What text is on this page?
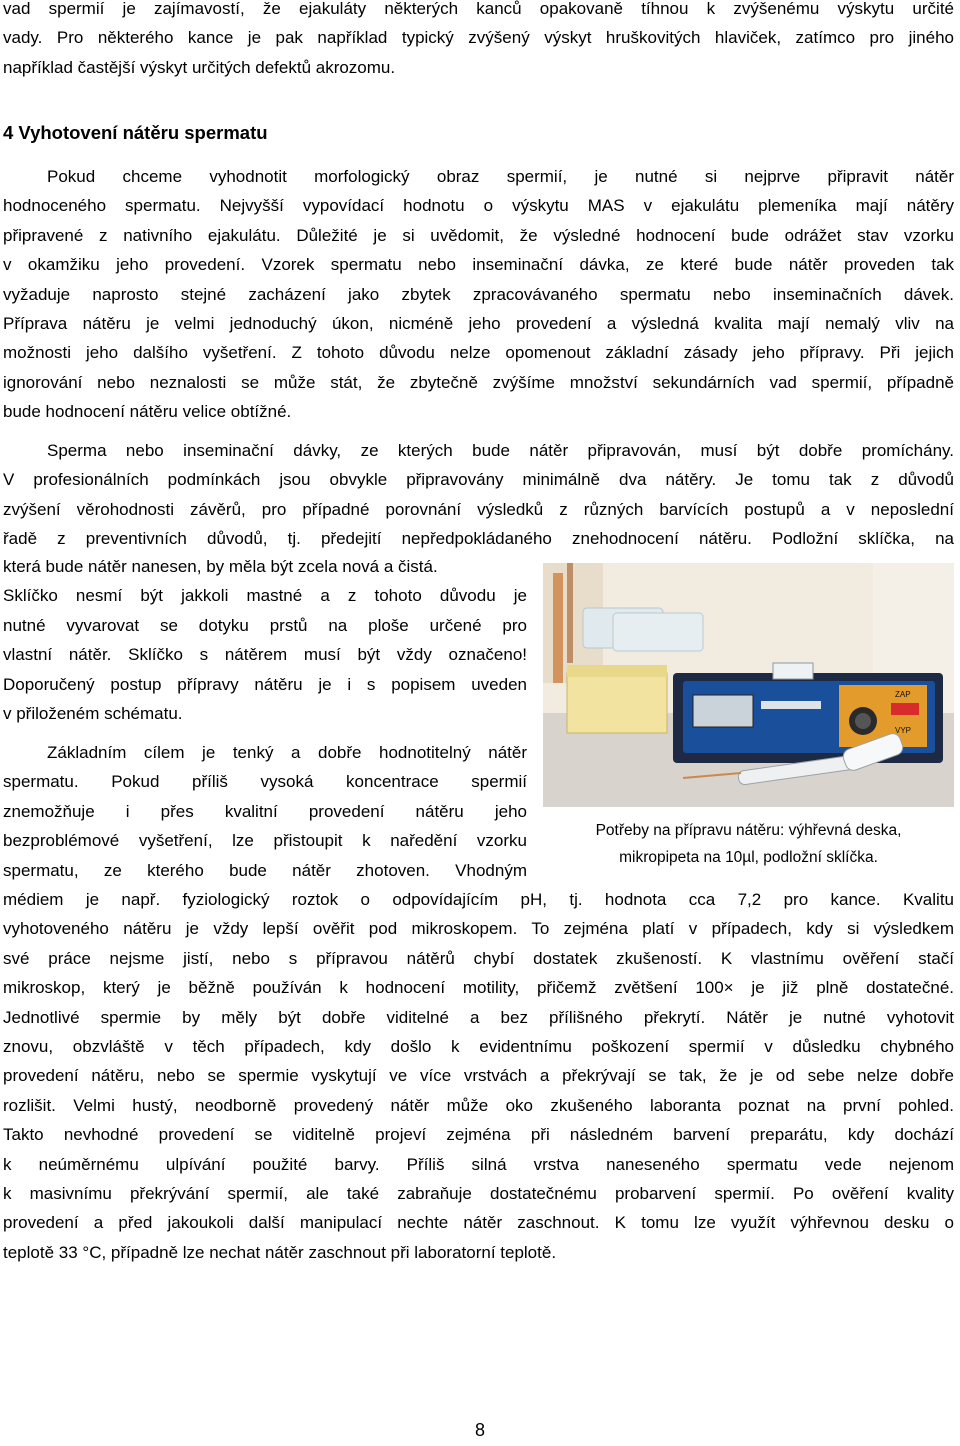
vad spermií je zajímavostí, že ejakuláty některých kanců opakovaně tíhnou k zvýšenému výskytu určité
vady. Pro některého kance je pak například typický zvýšený výskyt hruškovitých hlaviček, zatímco pro jiného
například častější výskyt určitých defektů akrozomu.
4 Vyhotovení nátěru spermatu
Pokud chceme vyhodnotit morfologický obraz spermií, je nutné si nejprve připravit nátěr
hodnoceného spermatu. Nejvyšší vypovídací hodnotu o výskytu MAS v ejakulátu plemeníka mají nátěry
připravené z nativního ejakulátu. Důležité je si uvědomit, že výsledné hodnocení bude odrážet stav vzorku
v okamžiku jeho provedení. Vzorek spermatu nebo inseminační dávka, ze které bude nátěr proveden tak
vyžaduje naprosto stejné zacházení jako zbytek zpracovávaného spermatu nebo inseminačních dávek.
Příprava nátěru je velmi jednoduchý úkon, nicméně jeho provedení a výsledná kvalita mají nemalý vliv na
možnosti jeho dalšího vyšetření. Z tohoto důvodu nelze opomenout základní zásady jeho přípravy. Při jejich
ignorování nebo neznalosti se může stát, že zbytečně zvýšíme množství sekundárních vad spermií, případně
bude hodnocení nátěru velice obtížné.
Sperma nebo inseminační dávky, ze kterých bude nátěr připravován, musí být dobře promíchány.
V profesionálních podmínkách jsou obvykle připravovány minimálně dva nátěry. Je tomu tak z důvodů
zvýšení věrohodnosti závěrů, pro případné porovnání výsledků z různých barvících postupů a v neposlední
řadě z preventivních důvodů, tj. předejití nepředpokládaného znehodnocení nátěru. Podložní sklíčka, na
která bude nátěr nanesen, by měla být zcela nová a čistá.
Sklíčko nesmí být jakkoli mastné a z tohoto důvodu je
nutné vyvarovat se dotyku prstů na ploše určené pro
vlastní nátěr. Sklíčko s nátěrem musí být vždy označeno!
Doporučený postup přípravy nátěru je i s popisem uveden
v přiloženém schématu.
Základním cílem je tenký a dobře hodnotitelný nátěr
spermatu. Pokud příliš vysoká koncentrace spermií
znemožňuje i přes kvalitní provedení nátěru jeho
bezproblémové vyšetření, lze přistoupit k naředění vzorku
spermatu, ze kterého bude nátěr zhotoven. Vhodným
médiem je např. fyziologický roztok o odpovídajícím pH, tj. hodnota cca 7,2 pro kance. Kvalitu
vyhotoveného nátěru je vždy lepší ověřit pod mikroskopem. To zejména platí v případech, kdy si výsledkem
své práce nejsme jistí, nebo s přípravou nátěrů chybí dostatek zkušeností. K vlastnímu ověření stačí
mikroskop, který je běžně používán k hodnocení motility, přičemž zvětšení 100× je již plně dostatečné.
Jednotlivé spermie by měly být dobře viditelné a bez přílišného překrytí. Nátěr je nutné vyhotovit
znovu, obzvláště v těch případech, kdy došlo k evidentnímu poškození spermií v důsledku chybného
provedení nátěru, nebo se spermie vyskytují ve více vrstvách a překrývají se tak, že je od sebe nelze dobře
rozlišit. Velmi hustý, neodborně provedený nátěr může oko zkušeného laboranta poznat na první pohled.
Takto nevhodné provedení se viditelně projeví zejména při následném barvení preparátu, kdy dochází
k neúměrnému ulpívání použité barvy. Příliš silná vrstva naneseného spermatu vede nejenom
k masivnímu překrývání spermií, ale také zabraňuje dostatečnému probarvení spermií. Po ověření kvality
provedení a před jakoukoli další manipulací nechte nátěr zaschnout. K tomu lze využít výhřevnou desku o
teplotě 33 °C, případně lze nechat nátěr zaschnout při laboratorní teplotě.
ZAP
VYP
Potřeby na přípravu nátěru: výhřevná deska,
mikropipeta na 10µl, podložní sklíčka.
8
